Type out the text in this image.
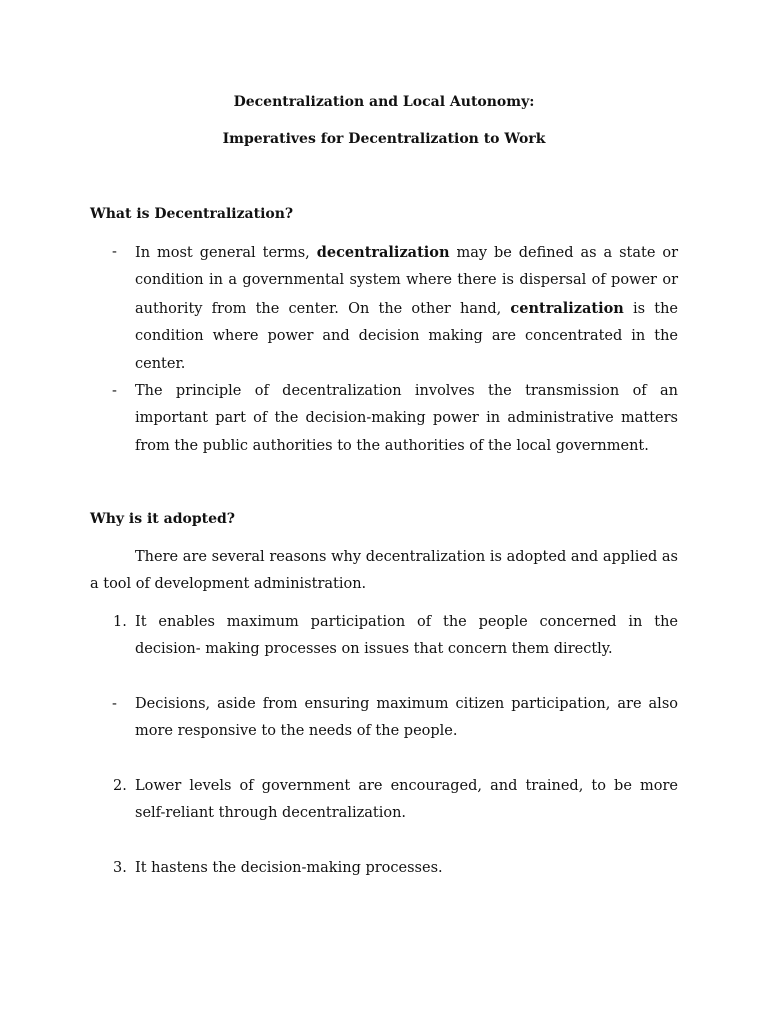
Decentralization and Local Autonomy:
Imperatives for Decentralization to Work
What is Decentralization?
-	In most general terms, decentralization may be defined as a state or condition in a governmental system where there is dispersal of power or authority from the center. On the other hand, centralization is the condition where power and decision making are concentrated in the center.
-	The principle of decentralization involves the transmission of an important part of the decision-making power in administrative matters from the public authorities to the authorities of the local government.
Why is it adopted?
There are several reasons why decentralization is adopted and applied as a tool of development administration.
1. It enables maximum participation of the people concerned in the decision- making processes on issues that concern them directly.
-	Decisions, aside from ensuring maximum citizen participation, are also more responsive to the needs of the people.
2. Lower levels of government are encouraged, and trained, to be more self-reliant through decentralization.
3. It hastens the decision-making processes.
